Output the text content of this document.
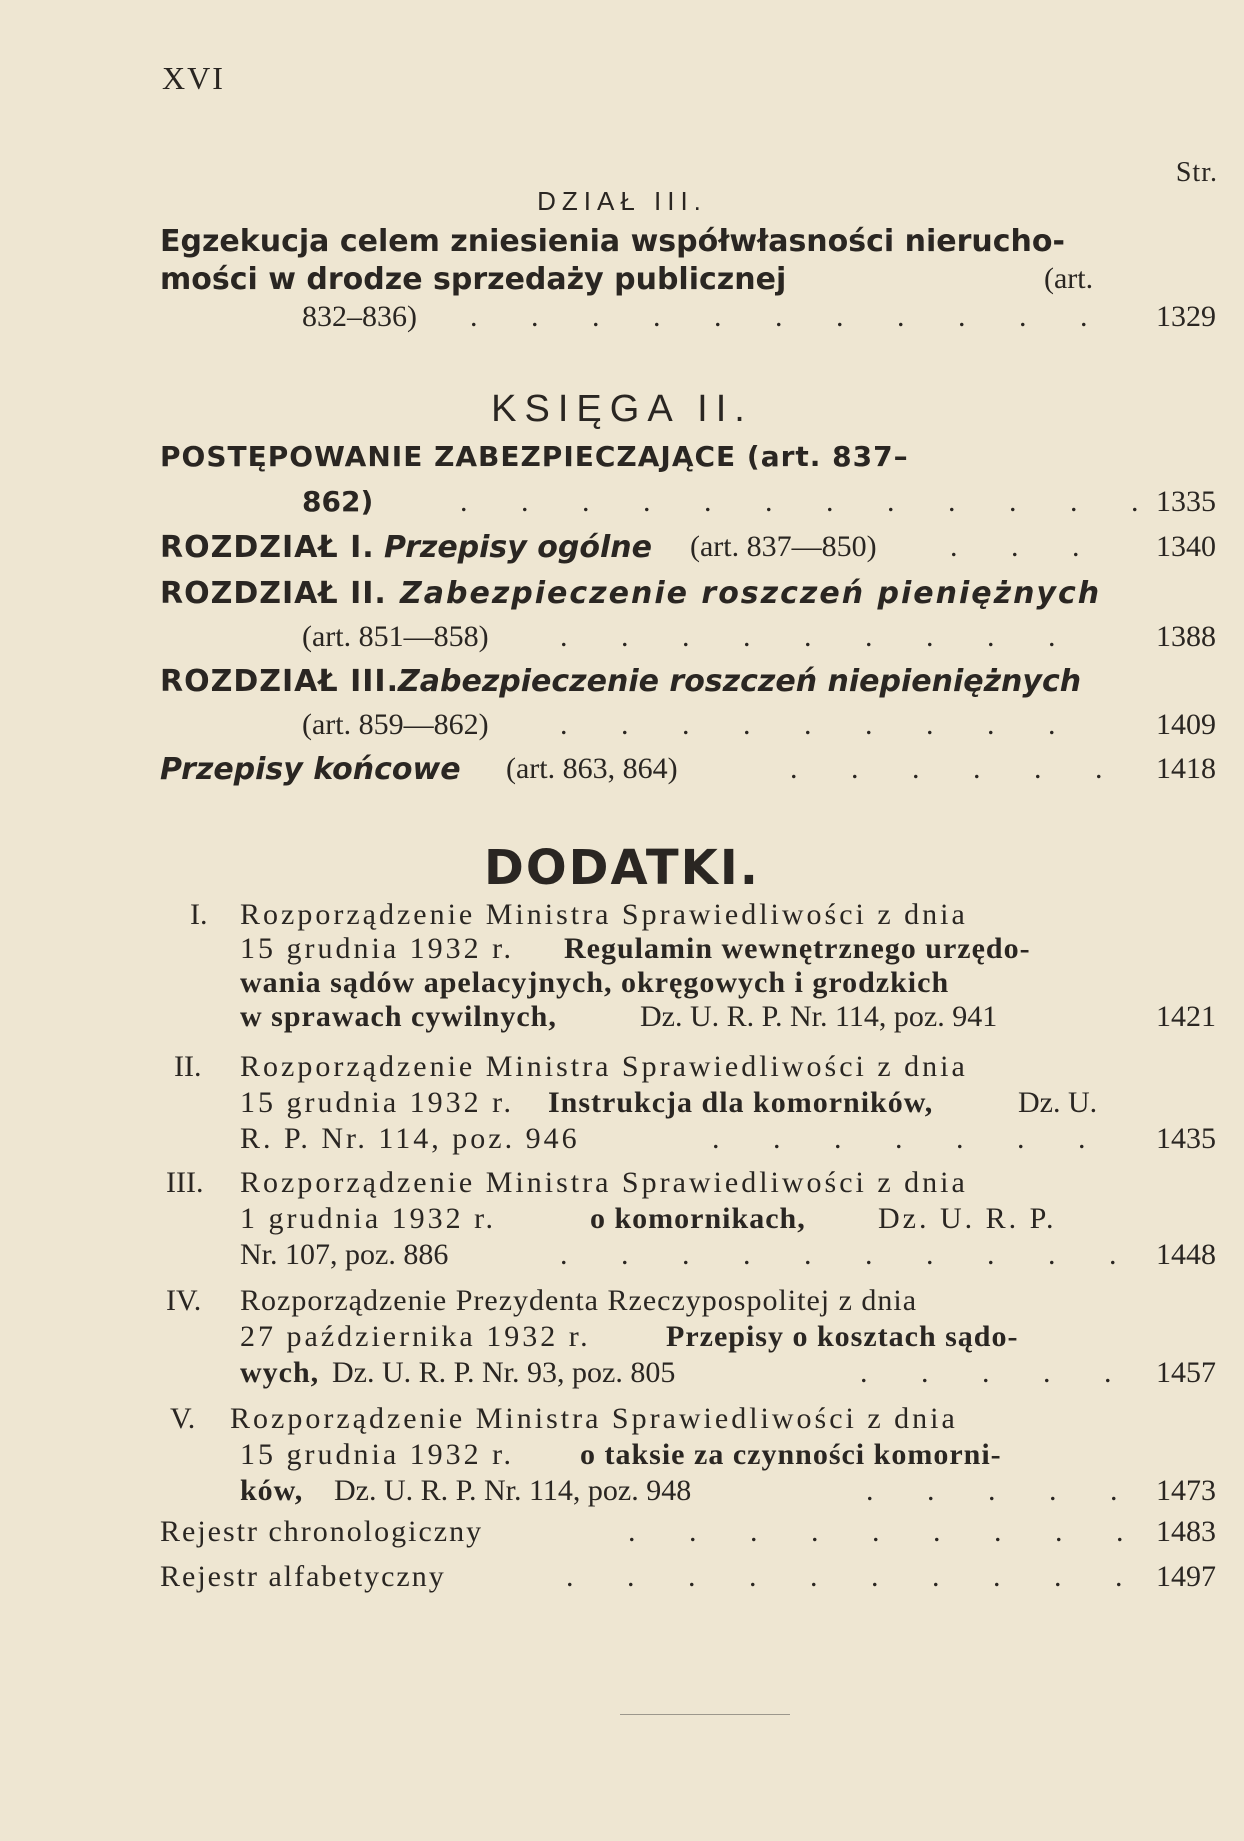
XVI
Str.
DZIAŁ III.
Egzekucja celem zniesienia współwłasności nierucho-
mości w drodze sprzedaży publicznej	(art.
832–836) . . . . . . . . . . . 1329
KSIĘGA II.
POSTĘPOWANIE ZABEZPIECZAJĄCE (art. 837–
862)	. . . . . . . . . . . .
1335
ROZDZIAŁ I. Przepisy ogólne (art. 837—850) . . . 1340
ROZDZIAŁ II. Zabezpieczenie roszczeń pieniężnych
(art. 851—858) . . . . . . . . .	1388
ROZDZIAŁ III. Zabezpieczenie roszczeń niepieniężnych
(art. 859—862) . . . . . . . . .	1409
Przepisy końcowe (art. 863, 864)	. . . . . . 1418
DODATKI.
I. Rozporządzenie Ministra Sprawiedliwości z dnia
15 grudnia 1932 r. Regulamin wewnętrznego urzędo-
wania sądów apelacyjnych, okręgowych i grodzkich
w sprawach cywilnych,	Dz. U. R. P. Nr. 114, poz. 941	1421
II. Rozporządzenie Ministra Sprawiedliwości z dnia
15 grudnia 1932 r. Instrukcja dla komorników,	Dz. U.
R. P. Nr. 114, poz. 946	. . . . . . . 1435
III. Rozporządzenie Ministra Sprawiedliwości z dnia
1 grudnia 1932 r.	o komornikach, Dz. U. R. P.
Nr. 107, poz. 886	. . . . . . . . . . 1448
IV. Rozporządzenie Prezydenta Rzeczypospolitej z dnia
27 października 1932 r.	Przepisy o kosztach sądo-
wych, Dz. U. R. P. Nr. 93, poz. 805	. . . . . 1457
V. Rozporządzenie Ministra Sprawiedliwości z dnia
15 grudnia 1932 r. o taksie za czynności komorni-
ków, Dz. U. R. P. Nr. 114, poz. 948	. . . . . 1473
Rejestr chronologiczny	. . . . . . . . . 1483
Rejestr alfabetyczny	. . . . . . . . . . 1497
